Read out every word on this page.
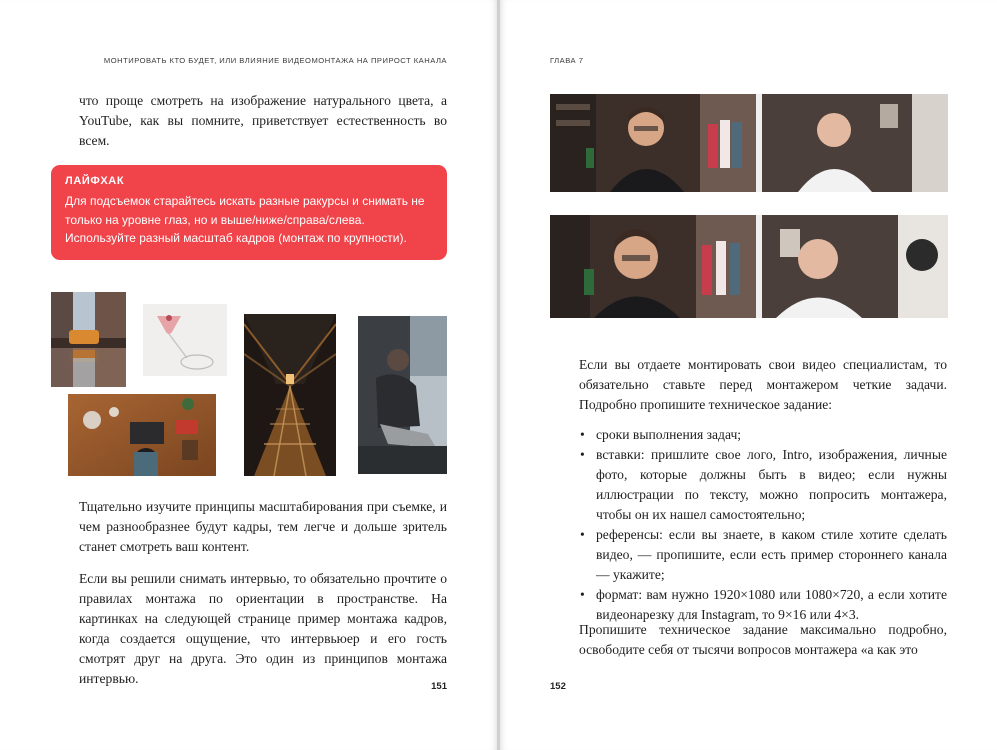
МОНТИРОВАТЬ КТО БУДЕТ, ИЛИ ВЛИЯНИЕ ВИДЕОМОНТАЖА НА ПРИРОСТ КАНАЛА

что проще смотреть на изображение натурального цвета, а YouTube, как вы помните, приветствует естественность во всем.

ЛАЙФХАК
Для подсъемок старайтесь искать разные ракурсы и снимать не только на уровне глаз, но и выше/ниже/справа/слева. Используйте разный масштаб кадров (монтаж по крупности).

Тщательно изучите принципы масштабирования при съемке, и чем разнообразнее будут кадры, тем легче и дольше зритель станет смотреть ваш контент.

Если вы решили снимать интервью, то обязательно прочтите о правилах монтажа по ориентации в пространстве. На картинках на следующей странице пример монтажа кадров, когда создается ощущение, что интервьюер и его гость смотрят друг на друга. Это один из принципов монтажа интервью.

151
ГЛАВА 7

Если вы отдаете монтировать свои видео специалистам, то обязательно ставьте перед монтажером четкие задачи. Подробно пропишите техническое задание:

• сроки выполнения задач;
• вставки: пришлите свое лого, Intro, изображения, личные фото, которые должны быть в видео; если нужны иллюстрации по тексту, можно попросить монтажера, чтобы он их нашел самостоятельно;
• референсы: если вы знаете, в каком стиле хотите сделать видео, — пропишите, если есть пример стороннего канала — укажите;
• формат: вам нужно 1920×1080 или 1080×720, а если хотите видеонарезку для Instagram, то 9×16 или 4×3.

Пропишите техническое задание максимально подробно, освободите себя от тысячи вопросов монтажера «а как это

152
